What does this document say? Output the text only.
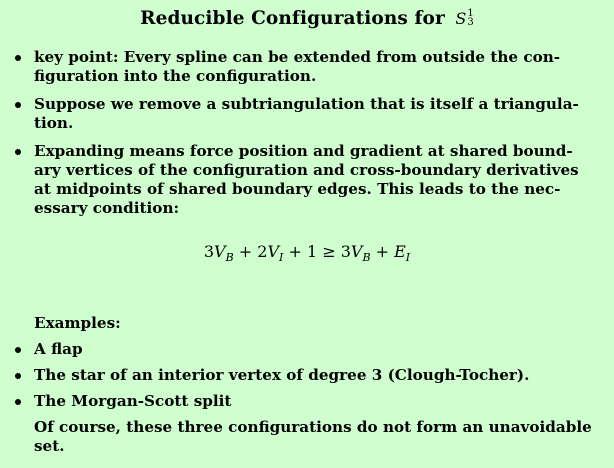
Reducible Configurations for S1
3
key point: Every spline can be extended from outside the con-
figuration into the configuration.
Suppose we remove a subtriangulation that is itself a triangula-
tion.
Expanding means force position and gradient at shared bound-
ary vertices of the configuration and cross-boundary derivatives
at midpoints of shared boundary edges. This leads to the nec-
essary condition:
$3V_B + 2V_I + 1 \ge 3V_B + E_I$
Examples:
A flap
The star of an interior vertex of degree 3 (Clough-Tocher).
The Morgan-Scott split
Of course, these three configurations do not form an unavoidable
set.
